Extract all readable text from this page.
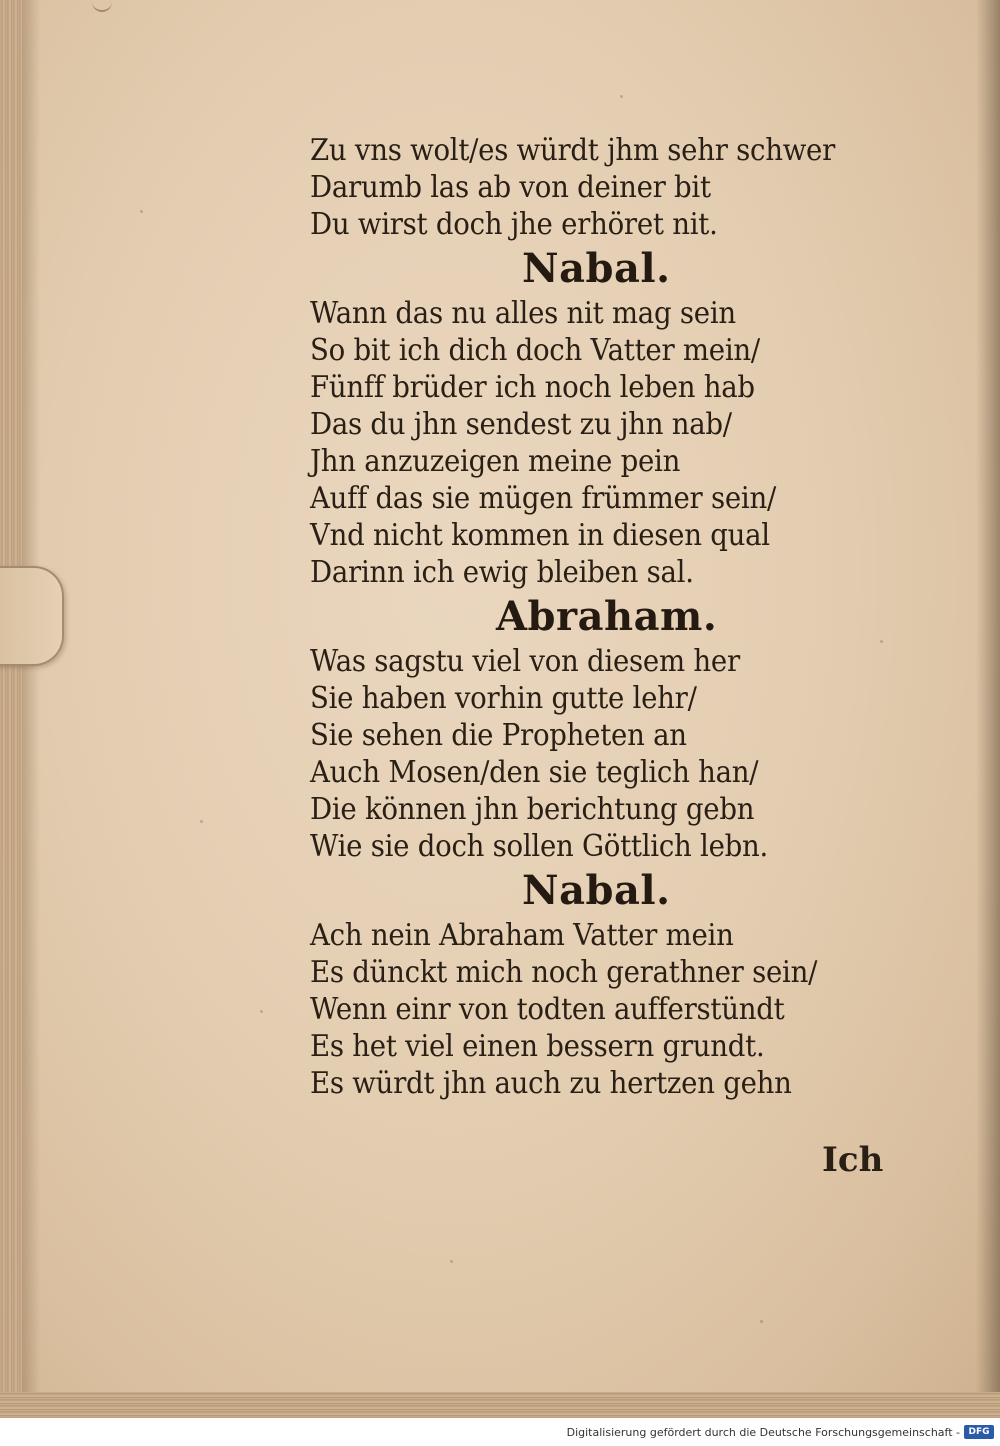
Zu vns wolt/es würdt jhm sehr schwer
Darumb las ab von deiner bit
Du wirst doch jhe erhöret nit.
Nabal.
Wann das nu alles nit mag sein
So bit ich dich doch Vatter mein/
Fünff brüder ich noch leben hab
Das du jhn sendest zu jhn nab/
Jhn anzuzeigen meine pein
Auff das sie mügen frümmer sein/
Vnd nicht kommen in diesen qual
Darinn ich ewig bleiben sal.
Abraham.
Was sagstu viel von diesem her
Sie haben vorhin gutte lehr/
Sie sehen die Propheten an
Auch Mosen/den sie teglich han/
Die können jhn berichtung gebn
Wie sie doch sollen Göttlich lebn.
Nabal.
Ach nein Abraham Vatter mein
Es dünckt mich noch gerathner sein/
Wenn einr von todten aufferstündt
Es het viel einen bessern grundt.
Es würdt jhn auch zu hertzen gehn
Ich
Digitalisierung gefördert durch die Deutsche Forschungsgemeinschaft - DFG
